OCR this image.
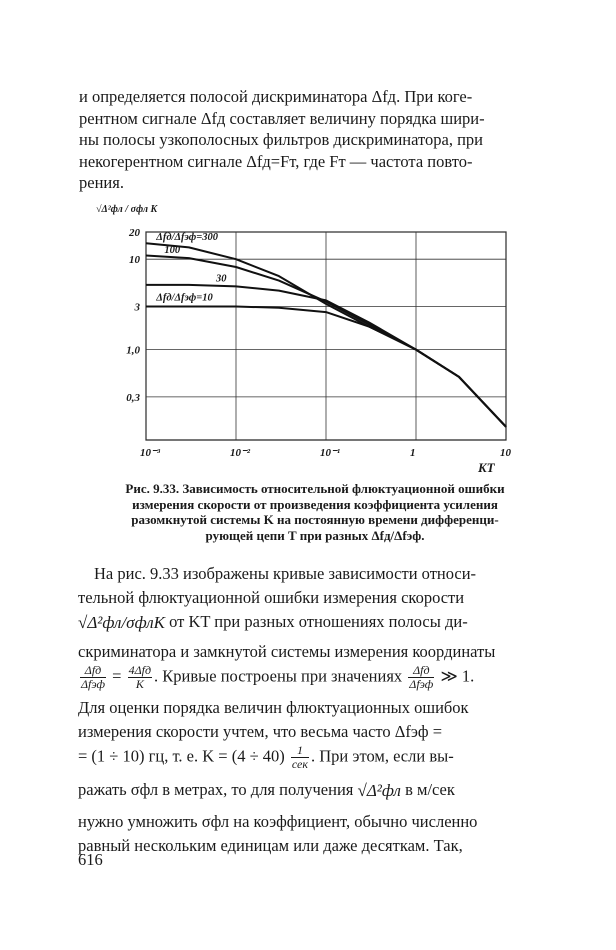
и определяется полосой дискриминатора Δfд. При коге-
рентном сигнале Δfд составляет величину порядка шири-
ны полосы узкополосных фильтров дискриминатора, при
некогерентном сигнале Δfд=Fт, где Fт — частота повто-
рения.
10⁻³	10⁻²	10⁻¹	1	10
0,3
1,0
3
10
20
KT
√Δ²фл / σфл K
Δfд/Δfэф=300
100
30
Δfд/Δfэф=10
Рис. 9.33. Зависимость относительной флюктуационной ошибки
измерения скорости от произведения коэффициента усиления
разомкнутой системы K на постоянную времени дифференци-
рующей цепи T при разных Δfд/Δfэф.
На рис. 9.33 изображены кривые зависимости относи-
тельной флюктуационной ошибки измерения скорости
√Δ²фл/σфлK от KT при разных отношениях полосы ди-
скриминатора и замкнутой системы измерения координаты
$\frac{\text{Δfд}}{\text{Δfэф}} = \frac{\text{4Δfд}}{K}$ . Кривые построены при значениях $\frac{\text{Δfд}}{\text{Δfэф}}$ ≫ 1.
Для оценки порядка величин флюктуационных ошибок
измерения скорости учтем, что весьма часто Δfэф =
= (1 ÷ 10) гц, т. е. $K = (4 \div 40) \frac{1}{\text{сек}}$ . При этом, если вы-
ражать σфл в метрах, то для получения √Δ²фл в м/сек
нужно умножить σфл на коэффициент, обычно численно
равный нескольким единицам или даже десяткам. Так,
616
